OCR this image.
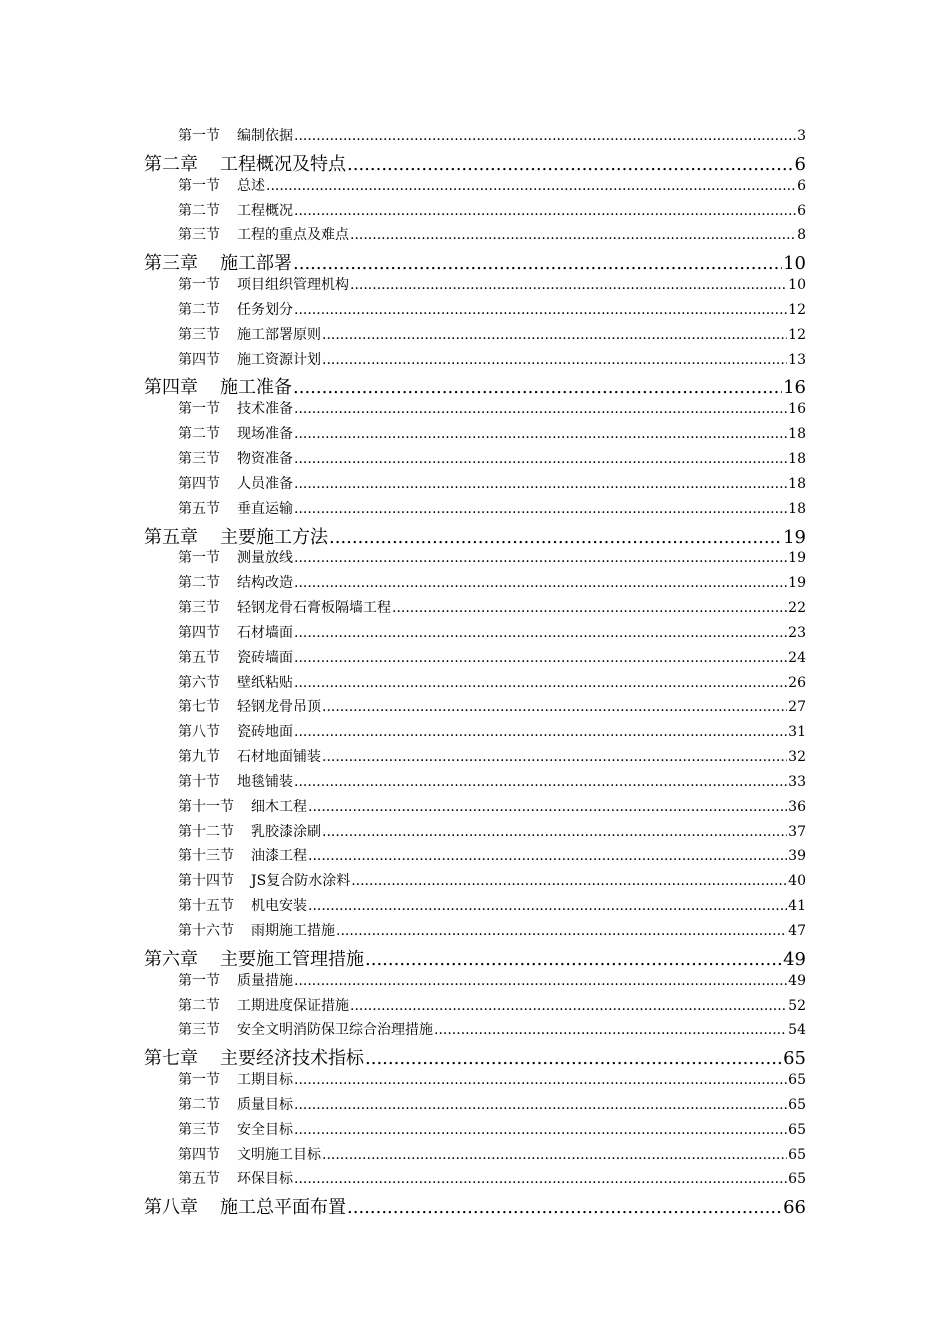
第一节 编制依据 .....	3
第二章 工程概况及特点 .....	6
第一节 总述 .....	6
第二节 工程概况 .....	6
第三节 工程的重点及难点 .....	8
第三章 施工部署 .....	10
第一节 项目组织管理机构 .....	10
第二节 任务划分 .....	12
第三节 施工部署原则 .....	12
第四节 施工资源计划 .....	13
第四章 施工准备 .....	16
第一节 技术准备 .....	16
第二节 现场准备 .....	18
第三节 物资准备 .....	18
第四节 人员准备 .....	18
第五节 垂直运输 .....	18
第五章 主要施工方法 .....	19
第一节 测量放线 .....	19
第二节 结构改造 .....	19
第三节 轻钢龙骨石膏板隔墙工程 .....	22
第四节 石材墙面 .....	23
第五节 瓷砖墙面 .....	24
第六节 壁纸粘贴 .....	26
第七节 轻钢龙骨吊顶 .....	27
第八节 瓷砖地面 .....	31
第九节 石材地面铺装 .....	32
第十节 地毯铺装 .....	33
第十一节 细木工程 .....	36
第十二节 乳胶漆涂刷 .....	37
第十三节 油漆工程 .....	39
第十四节 JS复合防水涂料 .....	40
第十五节 机电安装 .....	41
第十六节 雨期施工措施 .....	47
第六章 主要施工管理措施 .....	49
第一节 质量措施 .....	49
第二节 工期进度保证措施 .....	52
第三节 安全文明消防保卫综合治理措施 .....	54
第七章 主要经济技术指标 .....	65
第一节 工期目标 .....	65
第二节 质量目标 .....	65
第三节 安全目标 .....	65
第四节 文明施工目标 .....	65
第五节 环保目标 .....	65
第八章 施工总平面布置 .....	66
